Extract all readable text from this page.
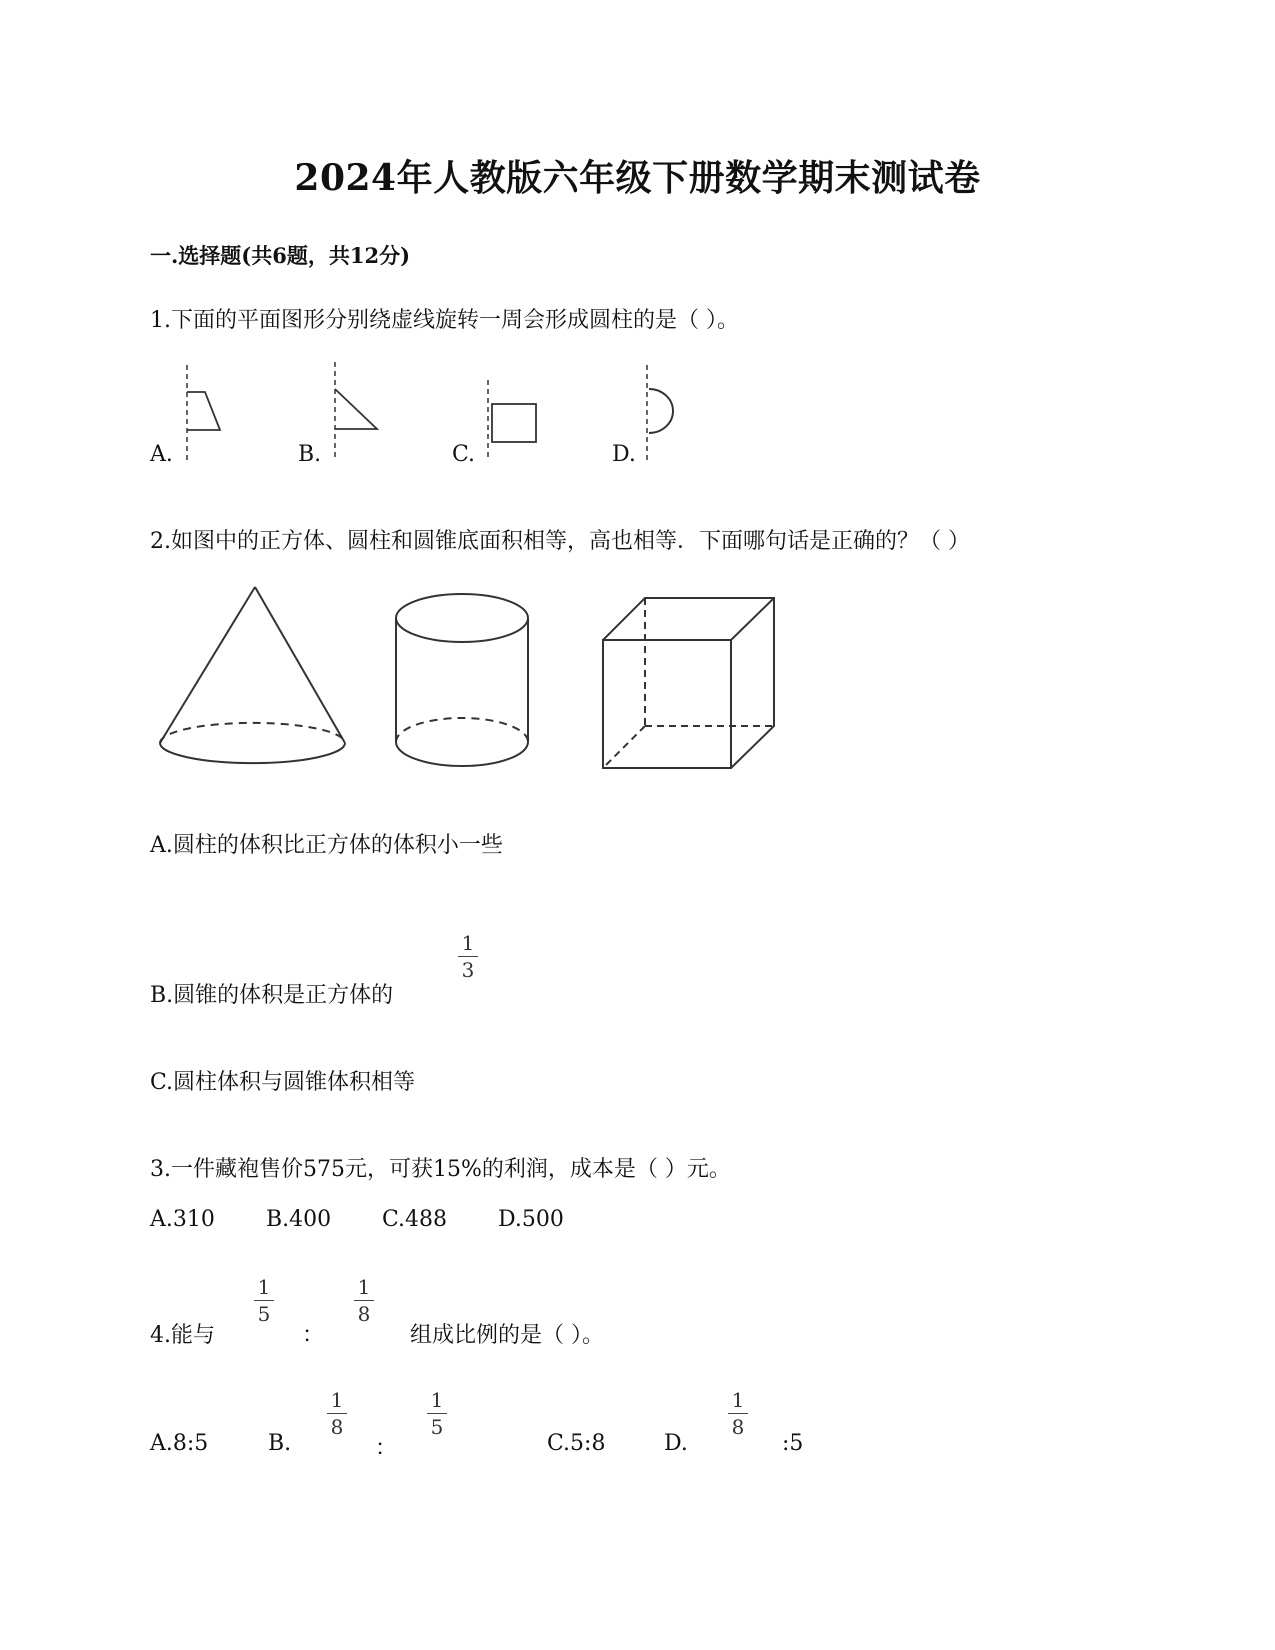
2024年人教版六年级下册数学期末测试卷
一.选择题(共6题，共12分)
1.下面的平面图形分别绕虚线旋转一周会形成圆柱的是（ ）。
A.	B.	C.	D.
2.如图中的正方体、圆柱和圆锥底面积相等，高也相等．下面哪句话是正确的？（ ）
A.圆柱的体积比正方体的体积小一些
B.圆锥的体积是正方体的
1
3
C.圆柱体积与圆锥体积相等
3.一件藏袍售价575元，可获15%的利润，成本是（ ）元。
A.310 B.400 C.488 D.500
4.能与
1
5
：
1
8
组成比例的是（ ）。
A.8:5	B.
1
8
：
1
5
C.5:8	D.
1
8
:5
